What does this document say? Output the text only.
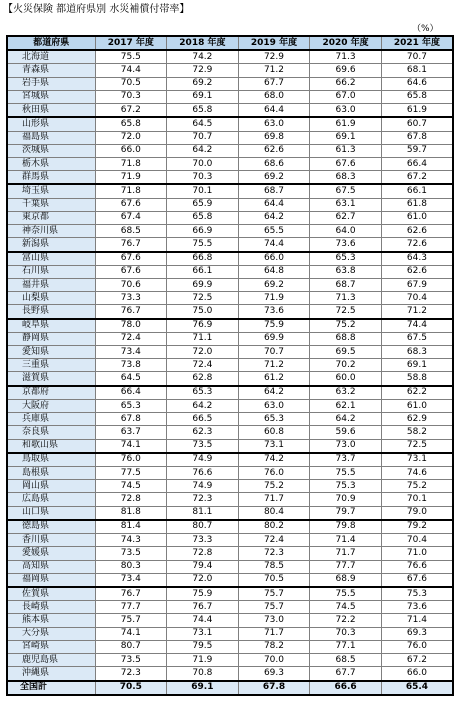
【火災保険 都道府県別 水災補償付帯率】
（%）
都道府県	2017 年度	2018 年度	2019 年度	2020 年度	2021 年度
北海道	75.5	74.2	72.9	71.3	70.7
青森県	74.4	72.9	71.2	69.6	68.1
岩手県	70.5	69.2	67.7	66.2	64.6
宮城県	70.3	69.1	68.0	67.0	65.8
秋田県	67.2	65.8	64.4	63.0	61.9
山形県	65.8	64.5	63.0	61.9	60.7
福島県	72.0	70.7	69.8	69.1	67.8
茨城県	66.0	64.2	62.6	61.3	59.7
栃木県	71.8	70.0	68.6	67.6	66.4
群馬県	71.9	70.3	69.2	68.3	67.2
埼玉県	71.8	70.1	68.7	67.5	66.1
千葉県	67.6	65.9	64.4	63.1	61.8
東京都	67.4	65.8	64.2	62.7	61.0
神奈川県	68.5	66.9	65.5	64.0	62.6
新潟県	76.7	75.5	74.4	73.6	72.6
富山県	67.6	66.8	66.0	65.3	64.3
石川県	67.6	66.1	64.8	63.8	62.6
福井県	70.6	69.9	69.2	68.7	67.9
山梨県	73.3	72.5	71.9	71.3	70.4
長野県	76.7	75.0	73.6	72.5	71.2
岐阜県	78.0	76.9	75.9	75.2	74.4
静岡県	72.4	71.1	69.9	68.8	67.5
愛知県	73.4	72.0	70.7	69.5	68.3
三重県	73.8	72.4	71.2	70.2	69.1
滋賀県	64.5	62.8	61.2	60.0	58.8
京都府	66.4	65.3	64.2	63.2	62.2
大阪府	65.3	64.2	63.0	62.1	61.0
兵庫県	67.8	66.5	65.3	64.2	62.9
奈良県	63.7	62.3	60.8	59.6	58.2
和歌山県	74.1	73.5	73.1	73.0	72.5
鳥取県	76.0	74.9	74.2	73.7	73.1
島根県	77.5	76.6	76.0	75.5	74.6
岡山県	74.5	74.9	75.2	75.3	75.2
広島県	72.8	72.3	71.7	70.9	70.1
山口県	81.8	81.1	80.4	79.7	79.0
徳島県	81.4	80.7	80.2	79.8	79.2
香川県	74.3	73.3	72.4	71.4	70.4
愛媛県	73.5	72.8	72.3	71.7	71.0
高知県	80.3	79.4	78.5	77.7	76.6
福岡県	73.4	72.0	70.5	68.9	67.6
佐賀県	76.7	75.9	75.7	75.5	75.3
長崎県	77.7	76.7	75.7	74.5	73.6
熊本県	75.7	74.4	73.0	72.2	71.4
大分県	74.1	73.1	71.7	70.3	69.3
宮崎県	80.7	79.5	78.2	77.1	76.0
鹿児島県	73.5	71.9	70.0	68.5	67.2
沖縄県	72.3	70.8	69.3	67.7	66.0
全国計	70.5	69.1	67.8	66.6	65.4
